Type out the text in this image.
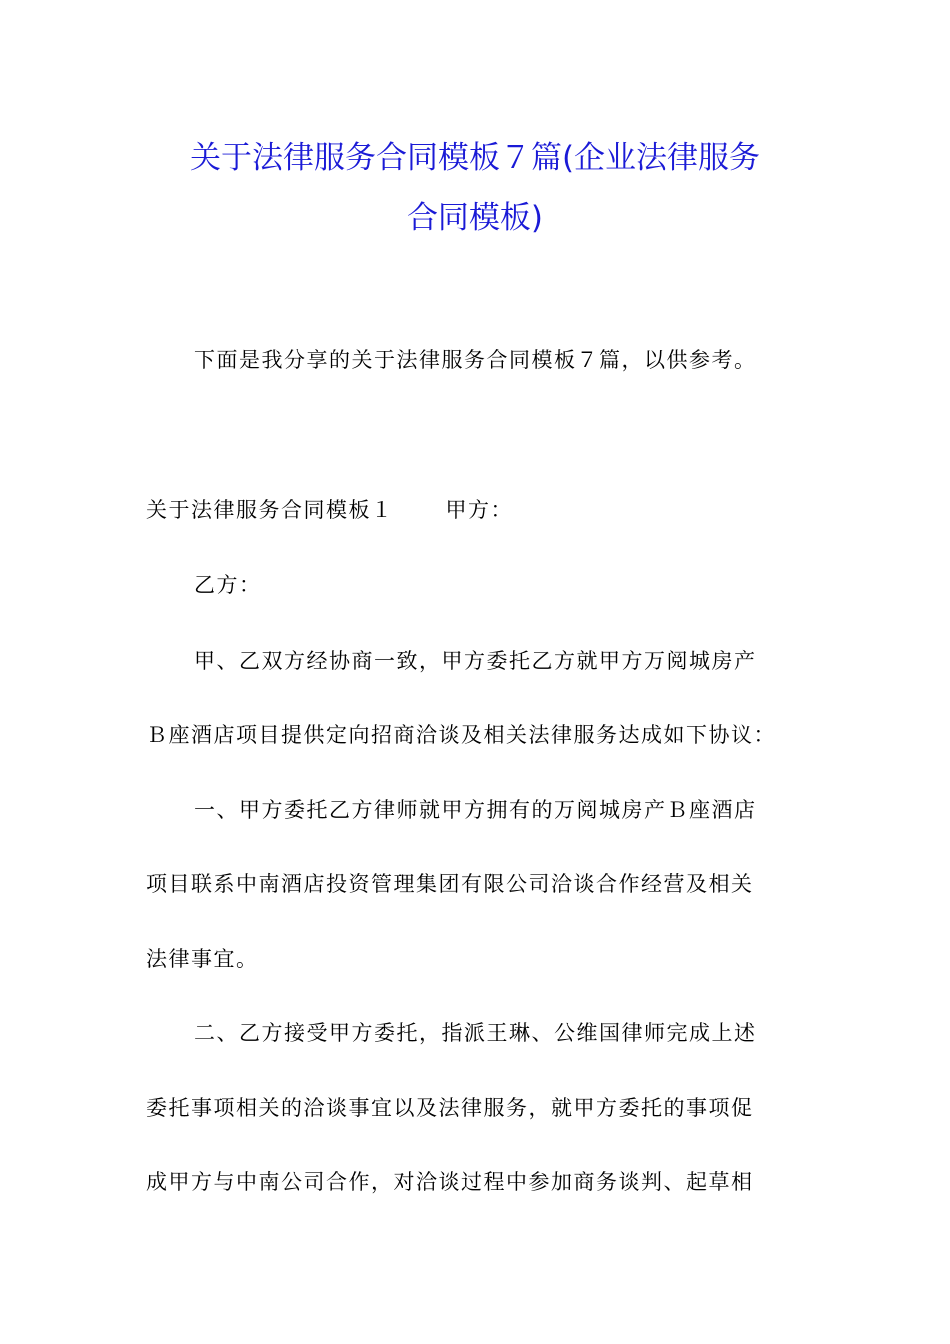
关于法律服务合同模板７篇(企业法律服务
合同模板)
下面是我分享的关于法律服务合同模板７篇，以供参考。
关于法律服务合同模板１ 甲方：
乙方：
甲、乙双方经协商一致，甲方委托乙方就甲方万阅城房产
Ｂ座酒店项目提供定向招商洽谈及相关法律服务达成如下协议：
一、甲方委托乙方律师就甲方拥有的万阅城房产Ｂ座酒店
项目联系中南酒店投资管理集团有限公司洽谈合作经营及相关
法律事宜。
二、乙方接受甲方委托，指派王琳、公维国律师完成上述
委托事项相关的洽谈事宜以及法律服务，就甲方委托的事项促
成甲方与中南公司合作，对洽谈过程中参加商务谈判、起草相
